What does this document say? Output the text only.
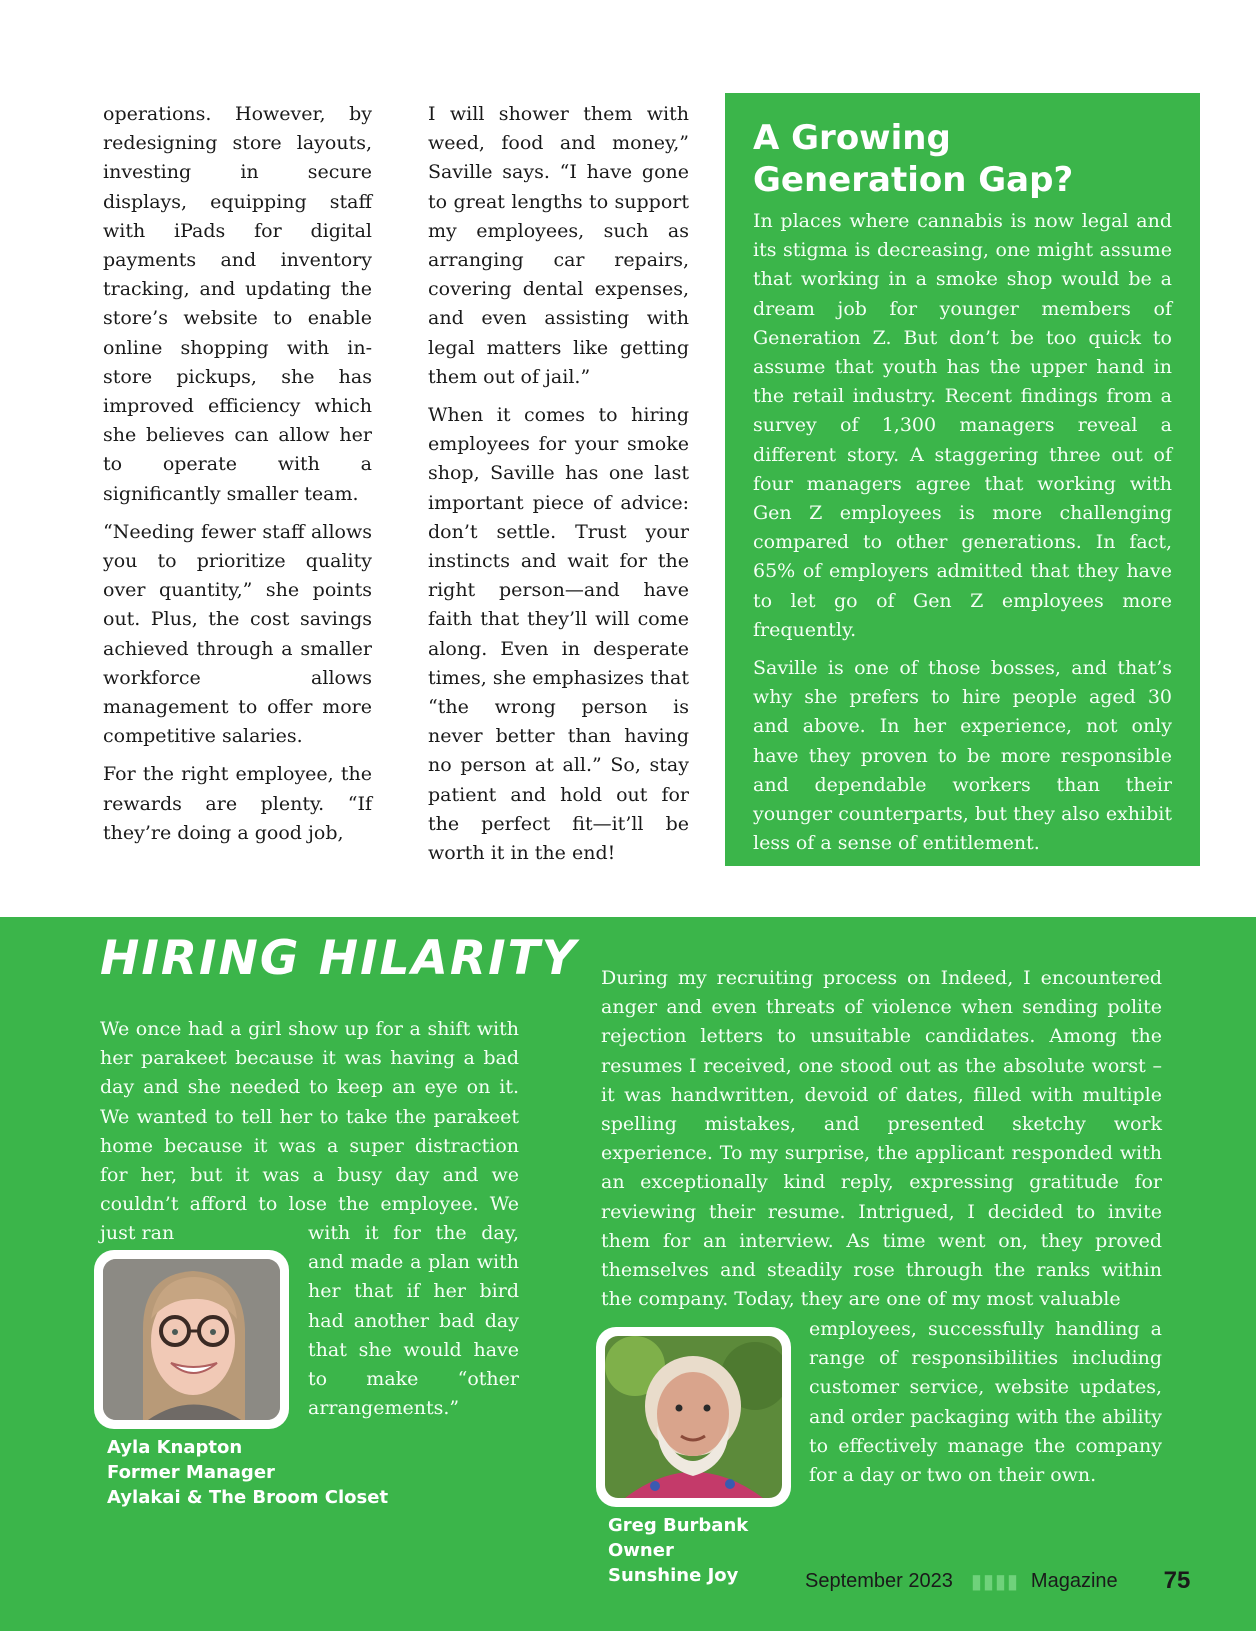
operations. However, by redesigning store layouts, investing in secure displays, equipping staff with iPads for digital payments and inventory tracking, and updating the store’s website to enable online shopping with in-store pickups, she has improved efficiency which she believes can allow her to operate with a significantly smaller team.

“Needing fewer staff allows you to prioritize quality over quantity,” she points out. Plus, the cost savings achieved through a smaller workforce allows management to offer more competitive salaries.

For the right employee, the rewards are plenty. “If they’re doing a good job,

I will shower them with weed, food and money,” Saville says. “I have gone to great lengths to support my employees, such as arranging car repairs, covering dental expenses, and even assisting with legal matters like getting them out of jail.”

When it comes to hiring employees for your smoke shop, Saville has one last important piece of advice: don’t settle. Trust your instincts and wait for the right person—and have faith that they’ll will come along. Even in desperate times, she emphasizes that “the wrong person is never better than having no person at all.” So, stay patient and hold out for the perfect fit—it’ll be worth it in the end!

A Growing Generation Gap?

In places where cannabis is now legal and its stigma is decreasing, one might assume that working in a smoke shop would be a dream job for younger members of Generation Z. But don’t be too quick to assume that youth has the upper hand in the retail industry. Recent findings from a survey of 1,300 managers reveal a different story. A staggering three out of four managers agree that working with Gen Z employees is more challenging compared to other generations. In fact, 65% of employers admitted that they have to let go of Gen Z employees more frequently.

Saville is one of those bosses, and that’s why she prefers to hire people aged 30 and above. In her experience, not only have they proven to be more responsible and dependable workers than their younger counterparts, but they also exhibit less of a sense of entitlement.

HIRING HILARITY
We once had a girl show up for a shift with her parakeet because it was having a bad day and she needed to keep an eye on it. We wanted to tell her to take the parakeet home because it was a super distraction for her, but it was a busy day and we couldn’t afford to lose the employee. We just ran	with it for the day, and made a plan with her that if her bird had another bad day that she would have to make “other arrangements.”
Ayla Knapton
Former Manager
Aylakai & The Broom Closet
During my recruiting process on Indeed, I encountered anger and even threats of violence when sending polite rejection letters to unsuitable candidates. Among the resumes I received, one stood out as the absolute worst – it was handwritten, devoid of dates, filled with multiple spelling mistakes, and presented sketchy work experience. To my surprise, the applicant responded with an exceptionally kind reply, expressing gratitude for reviewing their resume. Intrigued, I decided to invite them for an interview. As time went on, they proved themselves and steadily rose through the ranks within the company. Today, they are one of my most valuable
employees, successfully handling a range of responsibilities including customer service, website updates, and order packaging with the ability to effectively manage the company for a day or two on their own.
Greg Burbank
Owner
Sunshine Joy	September 2023 ▮▮▮▮ Magazine 75
